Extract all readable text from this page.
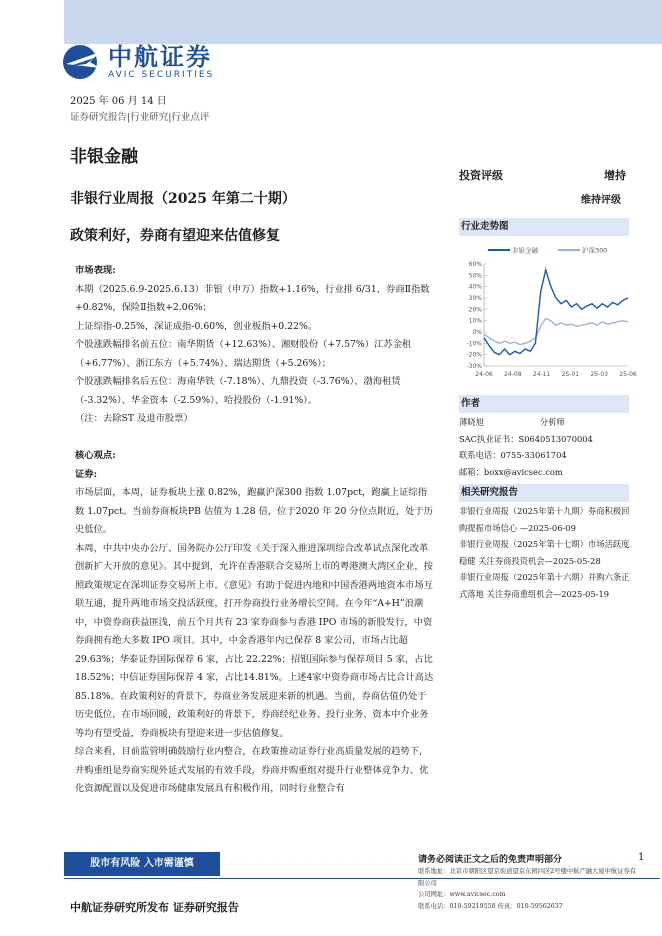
中航证券
AVIC SECURITIES
2025 年 06 月 14 日
证券研究报告|行业研究|行业点评
非银金融
非银行业周报（2025 年第二十期）
政策利好，券商有望迎来估值修复
投资评级	增持
维持评级
市场表现:
本期（2025.6.9-2025.6.13）非银（申万）指数+1.16%，行业排 6/31，券商Ⅱ指数+0.82%，保险Ⅱ指数+2.06%；
上证综指-0.25%，深证成指-0.60%，创业板指+0.22%。
个股涨跌幅排名前五位：南华期货（+12.63%）、湘财股份（+7.57%）江苏金租（+6.77%）、浙江东方（+5.74%）、瑞达期货（+5.26%）；
个股涨跌幅排名后五位：海南华铁（-7.18%）、九鼎投资（-3.76%）、渤海租赁（-3.32%）、华金资本（-2.59%）、哈投股份（-1.91%）。
（注：去除ST 及退市股票）
核心观点:
证券:
市场层面，本周，证券板块上涨 0.82%，跑赢沪深300 指数 1.07pct，跑赢上证综指数 1.07pct。当前券商板块PB 估值为 1.28 倍，位于2020 年 20 分位点附近，处于历史低位。
本周，中共中央办公厅、国务院办公厅印发《关于深入推进深圳综合改革试点深化改革创新扩大开放的意见》。其中提到，允许在香港联合交易所上市的粤港澳大湾区企业，按照政策规定在深圳证券交易所上市。《意见》有助于促进内地和中国香港两地资本市场互联互通，提升两地市场交投活跃度，打开券商投行业务增长空间。在今年“A+H”浪潮中，中资券商获益匪浅，前五个月共有 23 家券商参与香港 IPO 市场的新股发行，中资券商拥有绝大多数 IPO 项目。其中，中金香港年内已保荐 8 家公司，市场占比超 29.63%；华泰证券国际保荐 6 家，占比 22.22%；招银国际参与保荐项目 5 家，占比18.52%；中信证券国际保荐 4 家，占比14.81%。上述4家中资券商市场占比合计高达85.18%。在政策利好的背景下，券商业务发展迎来新的机遇。当前，券商估值仍处于历史低位，在市场回暖，政策利好的背景下，券商经纪业务、投行业务、资本中介业务等均有望受益，券商板块有望迎来进一步估值修复。
综合来看，目前监管明确鼓励行业内整合，在政策推动证券行业高质量发展的趋势下，并购重组是券商实现外延式发展的有效手段，券商并购重组对提升行业整体竞争力、优化资源配置以及促进市场健康发展具有积极作用，同时行业整合有
行业走势图
非银金融	沪深300
60%
50%
40%
30%
20%
10%
0%
-10%
-20%
-30%
24-06 24-08 24-11 25-01 25-03 25-06
作者
薄晓旭	分析师
SAC执业证书：S0640513070004
联系电话：0755-33061704
邮箱：boxx@avicsec.com
相关研究报告
非银行业周报（2025年第十九期）券商积极回购提振市场信心 —2025-06-09
非银行业周报（2025年第十七期）市场活跃度稳健 关注券商投资机会—2025-05-28
非银行业周报（2025年第十六期）并购六条正式落地 关注券商重组机会—2025-05-19
股市有风险 入市需谨慎	请务必阅读正文之后的免责声明部分	1
联系地址：北京市朝阳区望京街道望京东园四区2号楼中航产融大厦中航证券有限公司
公司网址：www.avicsec.com
联系电话：010-59219558 传真：010-59562637
中航证券研究所发布 证券研究报告
